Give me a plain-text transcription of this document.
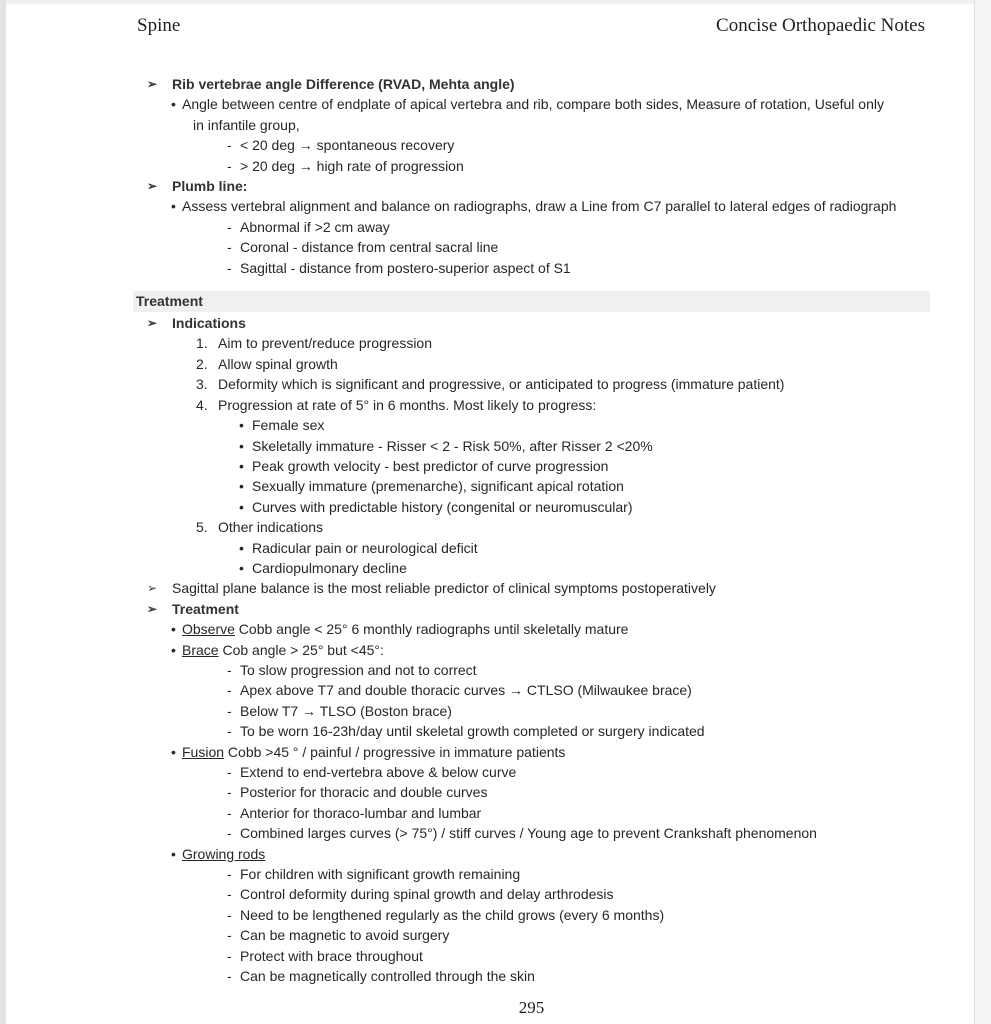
Spine	Concise Orthopaedic Notes
➢	Rib vertebrae angle Difference (RVAD, Mehta angle)
• Angle between centre of endplate of apical vertebra and rib, compare both sides, Measure of rotation, Useful only
in infantile group,
- < 20 deg → spontaneous recovery
- > 20 deg → high rate of progression
➢	Plumb line:
• Assess vertebral alignment and balance on radiographs, draw a Line from C7 parallel to lateral edges of radiograph
- Abnormal if >2 cm away
- Coronal - distance from central sacral line
- Sagittal - distance from postero-superior aspect of S1
Treatment
➢	Indications
1. Aim to prevent/reduce progression
2. Allow spinal growth
3. Deformity which is significant and progressive, or anticipated to progress (immature patient)
4. Progression at rate of 5° in 6 months. Most likely to progress:
• Female sex
• Skeletally immature - Risser < 2 - Risk 50%, after Risser 2 <20%
• Peak growth velocity - best predictor of curve progression
• Sexually immature (premenarche), significant apical rotation
• Curves with predictable history (congenital or neuromuscular)
5. Other indications
• Radicular pain or neurological deficit
• Cardiopulmonary decline
➢	Sagittal plane balance is the most reliable predictor of clinical symptoms postoperatively
➢	Treatment
• Observe Cobb angle < 25° 6 monthly radiographs until skeletally mature
• Brace Cob angle > 25° but <45°:
- To slow progression and not to correct
- Apex above T7 and double thoracic curves → CTLSO (Milwaukee brace)
- Below T7 → TLSO (Boston brace)
- To be worn 16-23h/day until skeletal growth completed or surgery indicated
• Fusion Cobb >45 ° / painful / progressive in immature patients
- Extend to end-vertebra above & below curve
- Posterior for thoracic and double curves
- Anterior for thoraco-lumbar and lumbar
- Combined larges curves (> 75°) / stiff curves / Young age to prevent Crankshaft phenomenon
• Growing rods
- For children with significant growth remaining
- Control deformity during spinal growth and delay arthrodesis
- Need to be lengthened regularly as the child grows (every 6 months)
- Can be magnetic to avoid surgery
- Protect with brace throughout
- Can be magnetically controlled through the skin
295
